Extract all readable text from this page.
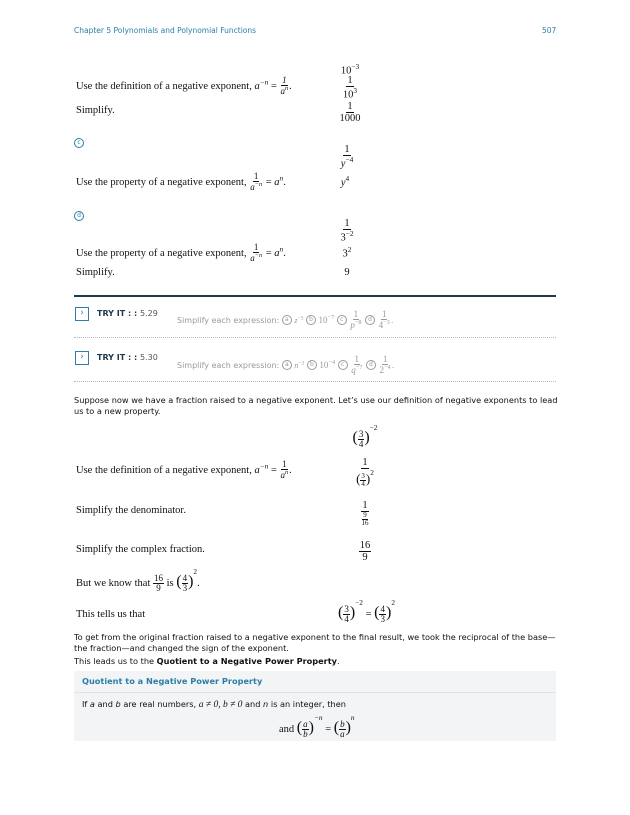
Chapter 5 Polynomials and Polynomial Functions	507
$10^{-3}$
Use the definition of a negative exponent, $a^{-n} = \frac{1}{a^n}$ .	$\frac{1}{10^3}$
Simplify.	$\frac{1}{1000}$
c
$\frac{1}{y^{-4}}$
Use the property of a negative exponent, $\frac{1}{a^{-n}} = a^n$.	$y^4$
d
$\frac{1}{3^{-2}}$
Use the property of a negative exponent, $\frac{1}{a^{-n}} = a^n$.	$3^2$
Simplify.	9
›	TRY IT : : 5.29
Simplify each expression: a $z^{-3}$ b $10^{-7}$ c $\frac{1}{p^{-8}}$ d $\frac{1}{4^{-3}}$ .
›	TRY IT : : 5.30
Simplify each expression: a $n^{-2}$ b $10^{-4}$ c $\frac{1}{q^{-7}}$ d $\frac{1}{2^{-4}}$ .
Suppose now we have a fraction raised to a negative exponent. Let’s use our definition of negative exponents to lead us to a new property.
( $\frac{3}{4} )^{-2}$
Use the definition of a negative exponent, $a^{-n} = \frac{1}{a^n}$ .	$\frac{1}{( \frac{3}{4} )^2}$
Simplify the denominator.	$\frac{1}{\frac{9}{16}}$
Simplify the complex fraction.	$\frac{16}{9}$
But we know that $\frac{16}{9}$ is ( $\frac{4}{3} )^2$.
This tells us that	( $\frac{3}{4} )^{-2}$ = ( $\frac{4}{3} )^2$
To get from the original fraction raised to a negative exponent to the final result, we took the reciprocal of the base—the fraction—and changed the sign of the exponent.
This leads us to the Quotient to a Negative Power Property.
Quotient to a Negative Power Property
If a and b are real numbers, a ≠ 0, b ≠ 0 and n is an integer, then
and ( $\frac{a}{b} )^{-n}$ = ( $\frac{b}{a} )^n$
